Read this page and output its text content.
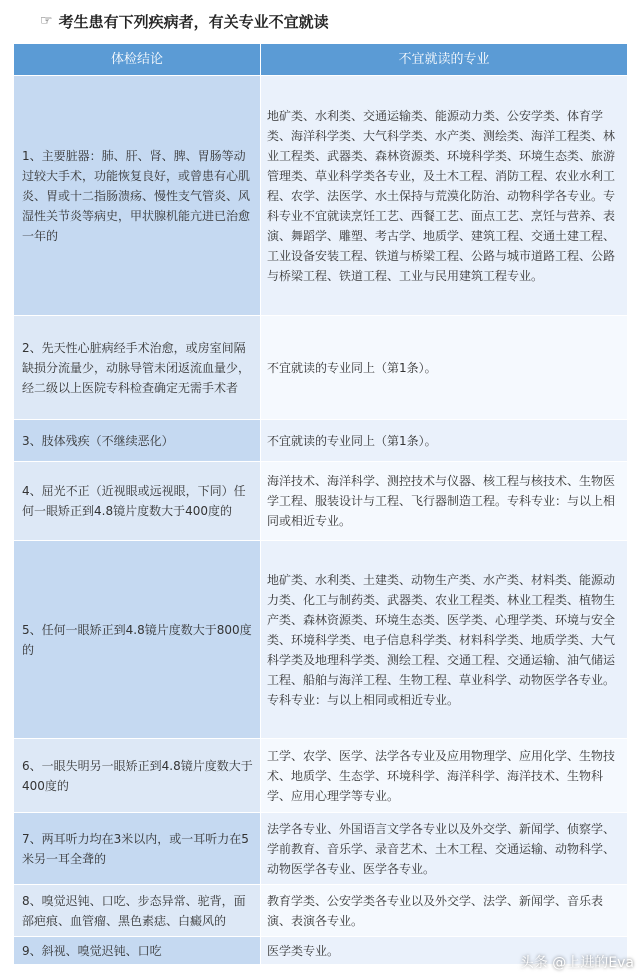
☞ 考生患有下列疾病者，有关专业不宜就读
体检结论	不宜就读的专业
1、主要脏器：肺、肝、肾、脾、胃肠等动过较大手术，功能恢复良好，或曾患有心肌炎、胃或十二指肠溃疡、慢性支气管炎、风湿性关节炎等病史，甲状腺机能亢进已治愈一年的	地矿类、水利类、交通运输类、能源动力类、公安学类、体育学类、海洋科学类、大气科学类、水产类、测绘类、海洋工程类、林业工程类、武器类、森林资源类、环境科学类、环境生态类、旅游管理类、草业科学类各专业，及土木工程、消防工程、农业水利工程、农学、法医学、水土保持与荒漠化防治、动物科学各专业。专科专业不宜就读烹饪工艺、西餐工艺、面点工艺、烹饪与营养、表演、舞蹈学、雕塑、考古学、地质学、建筑工程、交通土建工程、工业设备安装工程、铁道与桥梁工程、公路与城市道路工程、公路与桥梁工程、铁道工程、工业与民用建筑工程专业。
2、先天性心脏病经手术治愈，或房室间隔缺损分流量少，动脉导管未闭返流血量少，经二级以上医院专科检查确定无需手术者	不宜就读的专业同上（第1条）。
3、肢体残疾（不继续恶化）	不宜就读的专业同上（第1条）。
4、屈光不正（近视眼或远视眼，下同）任何一眼矫正到4.8镜片度数大于400度的	海洋技术、海洋科学、测控技术与仪器、核工程与核技术、生物医学工程、服装设计与工程、飞行器制造工程。专科专业：与以上相同或相近专业。
5、任何一眼矫正到4.8镜片度数大于800度的	地矿类、水利类、土建类、动物生产类、水产类、材料类、能源动力类、化工与制药类、武器类、农业工程类、林业工程类、植物生产类、森林资源类、环境生态类、医学类、心理学类、环境与安全类、环境科学类、电子信息科学类、材料科学类、地质学类、大气科学类及地理科学类、测绘工程、交通工程、交通运输、油气储运工程、船舶与海洋工程、生物工程、草业科学、动物医学各专业。专科专业：与以上相同或相近专业。
6、一眼失明另一眼矫正到4.8镜片度数大于400度的	工学、农学、医学、法学各专业及应用物理学、应用化学、生物技术、地质学、生态学、环境科学、海洋科学、海洋技术、生物科学、应用心理学等专业。
7、两耳听力均在3米以内，或一耳听力在5米另一耳全聋的	法学各专业、外国语言文学各专业以及外交学、新闻学、侦察学、学前教育、音乐学、录音艺术、土木工程、交通运输、动物科学、动物医学各专业、医学各专业。
8、嗅觉迟钝、口吃、步态异常、驼背，面部疤痕、血管瘤、黑色素痣、白癜风的	教育学类、公安学类各专业以及外交学、法学、新闻学、音乐表演、表演各专业。
9、斜视、嗅觉迟钝、口吃	医学类专业。
头条 @上进的Eva
